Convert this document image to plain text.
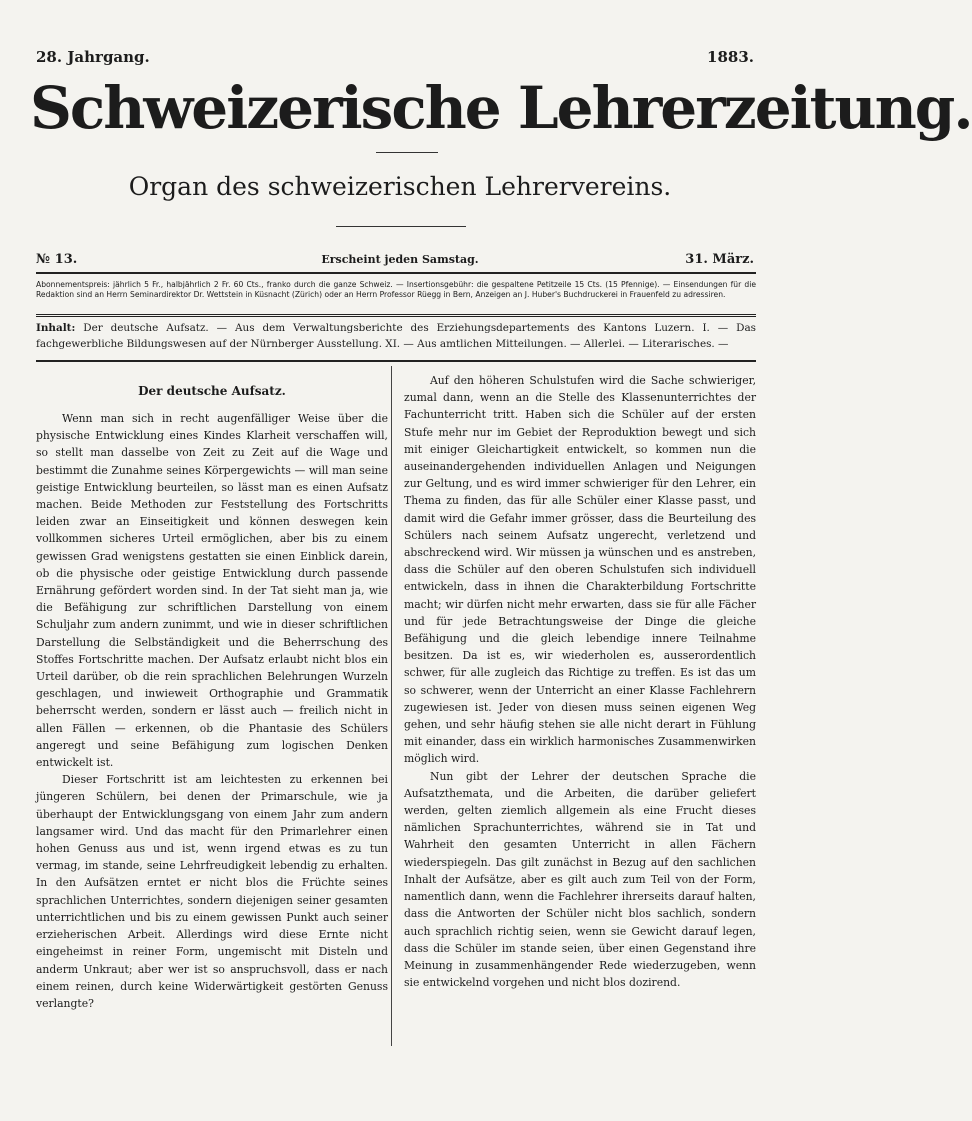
28. Jahrgang.	1883.
Schweizerische Lehrerzeitung.
Organ des schweizerischen Lehrervereins.
№ 13.	Erscheint jeden Samstag.	31. März.
Abonnementspreis: jährlich 5 Fr., halbjährlich 2 Fr. 60 Cts., franko durch die ganze Schweiz. — Insertionsgebühr: die gespaltene Petitzeile 15 Cts. (15 Pfennige). — Einsendungen für die Redaktion sind an Herrn Seminardirektor Dr. Wettstein in Küsnacht (Zürich) oder an Herrn Professor Rüegg in Bern, Anzeigen an J. Huber's Buchdruckerei in Frauenfeld zu adressiren.
Inhalt: Der deutsche Aufsatz. — Aus dem Verwaltungsberichte des Erziehungsdepartements des Kantons Luzern. I. — Das fachgewerbliche Bildungswesen auf der Nürnberger Ausstellung. XI. — Aus amtlichen Mitteilungen. — Allerlei. — Literarisches. —

Der deutsche Aufsatz.

Wenn man sich in recht augenfälliger Weise über die physische Entwicklung eines Kindes Klarheit verschaffen will, so stellt man dasselbe von Zeit zu Zeit auf die Wage und bestimmt die Zunahme seines Körpergewichts — will man seine geistige Entwicklung beurteilen, so lässt man es einen Aufsatz machen. Beide Methoden zur Feststellung des Fortschritts leiden zwar an Einseitigkeit und können deswegen kein vollkommen sicheres Urteil ermöglichen, aber bis zu einem gewissen Grad wenigstens gestatten sie einen Einblick darein, ob die physische oder geistige Entwicklung durch passende Ernährung gefördert worden sind. In der Tat sieht man ja, wie die Befähigung zur schriftlichen Darstellung von einem Schuljahr zum andern zunimmt, und wie in dieser schriftlichen Darstellung die Selbständigkeit und die Beherrschung des Stoffes Fortschritte machen. Der Aufsatz erlaubt nicht blos ein Urteil darüber, ob die rein sprachlichen Belehrungen Wurzeln geschlagen, und inwieweit Orthographie und Grammatik beherrscht werden, sondern er lässt auch — freilich nicht in allen Fällen — erkennen, ob die Phantasie des Schülers angeregt und seine Befähigung zum logischen Denken entwickelt ist.

Dieser Fortschritt ist am leichtesten zu erkennen bei jüngeren Schülern, bei denen der Primarschule, wie ja überhaupt der Entwicklungsgang von einem Jahr zum andern langsamer wird. Und das macht für den Primarlehrer einen hohen Genuss aus und ist, wenn irgend etwas es zu tun vermag, im stande, seine Lehrfreudigkeit lebendig zu erhalten. In den Aufsätzen erntet er nicht blos die Früchte seines sprachlichen Unterrichtes, sondern diejenigen seiner gesamten unterrichtlichen und bis zu einem gewissen Punkt auch seiner erzieherischen Arbeit. Allerdings wird diese Ernte nicht eingeheimst in reiner Form, ungemischt mit Disteln und anderm Unkraut; aber wer ist so anspruchsvoll, dass er nach einem reinen, durch keine Widerwärtigkeit gestörten Genuss verlangte?

Auf den höheren Schulstufen wird die Sache schwieriger, zumal dann, wenn an die Stelle des Klassenunterrichtes der Fachunterricht tritt. Haben sich die Schüler auf der ersten Stufe mehr nur im Gebiet der Reproduktion bewegt und sich mit einiger Gleichartigkeit entwickelt, so kommen nun die auseinandergehenden individuellen Anlagen und Neigungen zur Geltung, und es wird immer schwieriger für den Lehrer, ein Thema zu finden, das für alle Schüler einer Klasse passt, und damit wird die Gefahr immer grösser, dass die Beurteilung des Schülers nach seinem Aufsatz ungerecht, verletzend und abschreckend wird. Wir müssen ja wünschen und es anstreben, dass die Schüler auf den oberen Schulstufen sich individuell entwickeln, dass in ihnen die Charakterbildung Fortschritte macht; wir dürfen nicht mehr erwarten, dass sie für alle Fächer und für jede Betrachtungsweise der Dinge die gleiche Befähigung und die gleich lebendige innere Teilnahme besitzen. Da ist es, wir wiederholen es, ausserordentlich schwer, für alle zugleich das Richtige zu treffen. Es ist das um so schwerer, wenn der Unterricht an einer Klasse Fachlehrern zugewiesen ist. Jeder von diesen muss seinen eigenen Weg gehen, und sehr häufig stehen sie alle nicht derart in Fühlung mit einander, dass ein wirklich harmonisches Zusammenwirken möglich wird.

Nun gibt der Lehrer der deutschen Sprache die Aufsatzthemata, und die Arbeiten, die darüber geliefert werden, gelten ziemlich allgemein als eine Frucht dieses nämlichen Sprachunterrichtes, während sie in Tat und Wahrheit den gesamten Unterricht in allen Fächern wiederspiegeln. Das gilt zunächst in Bezug auf den sachlichen Inhalt der Aufsätze, aber es gilt auch zum Teil von der Form, namentlich dann, wenn die Fachlehrer ihrerseits darauf halten, dass die Antworten der Schüler nicht blos sachlich, sondern auch sprachlich richtig seien, wenn sie Gewicht darauf legen, dass die Schüler im stande seien, über einen Gegenstand ihre Meinung in zusammenhängender Rede wiederzugeben, wenn sie entwickelnd vorgehen und nicht blos dozirend.
